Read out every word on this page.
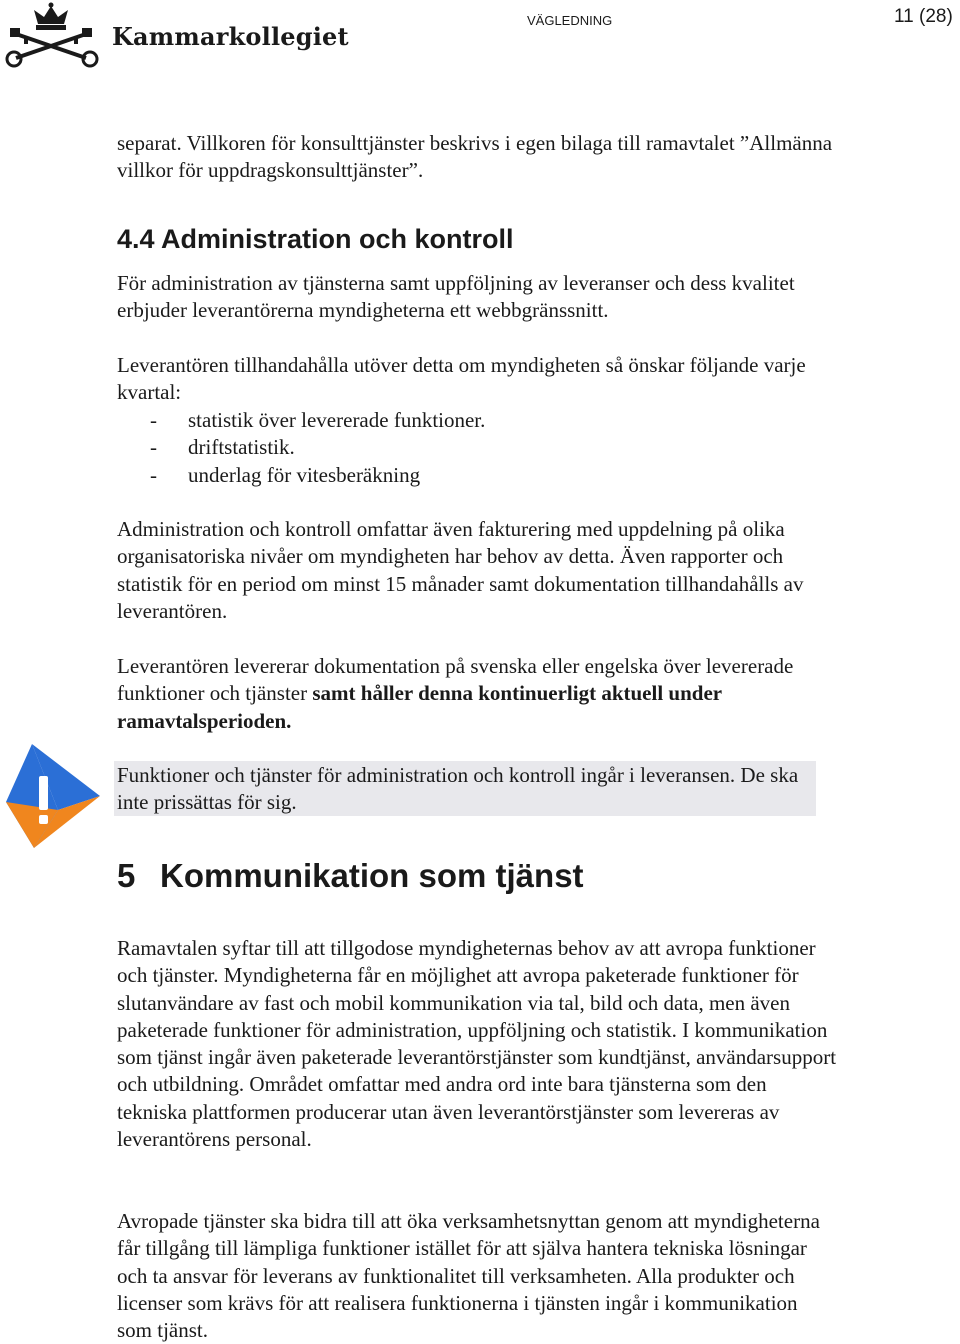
Kammarkollegiet
VÄGLEDNING	11 (28)

separat. Villkoren för konsulttjänster beskrivs i egen bilaga till ramavtalet ”Allmänna villkor för uppdragskonsulttjänster”.

4.4 Administration och kontroll

För administration av tjänsterna samt uppföljning av leveranser och dess kvalitet erbjuder leverantörerna myndigheterna ett webbgränssnitt.

Leverantören tillhandahålla utöver detta om myndigheten så önskar följande varje kvartal:

-	statistik över levererade funktioner.
-	driftstatistik.
-	underlag för vitesberäkning

Administration och kontroll omfattar även fakturering med uppdelning på olika organisatoriska nivåer om myndigheten har behov av detta. Även rapporter och statistik för en period om minst 15 månader samt dokumentation tillhandahålls av leverantören.

Leverantören levererar dokumentation på svenska eller engelska över levererade funktioner och tjänster samt håller denna kontinuerligt aktuell under ramavtalsperioden.

Funktioner och tjänster för administration och kontroll ingår i leveransen. De ska inte prissättas för sig.

5 Kommunikation som tjänst

Ramavtalen syftar till att tillgodose myndigheternas behov av att avropa funktioner och tjänster. Myndigheterna får en möjlighet att avropa paketerade funktioner för slutanvändare av fast och mobil kommunikation via tal, bild och data, men även paketerade funktioner för administration, uppföljning och statistik. I kommunikation som tjänst ingår även paketerade leverantörstjänster som kundtjänst, användarsupport och utbildning. Området omfattar med andra ord inte bara tjänsterna som den tekniska plattformen producerar utan även leverantörstjänster som levereras av leverantörens personal.

Avropade tjänster ska bidra till att öka verksamhetsnyttan genom att myndigheterna får tillgång till lämpliga funktioner istället för att själva hantera tekniska lösningar och ta ansvar för leverans av funktionalitet till verksamheten. Alla produkter och licenser som krävs för att realisera funktionerna i tjänsten ingår i kommunikation som tjänst.
